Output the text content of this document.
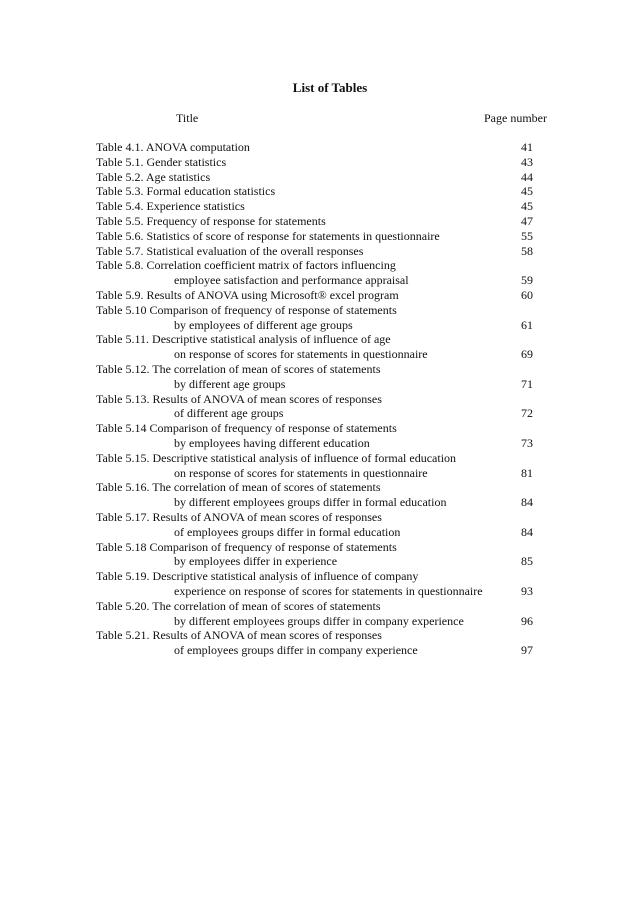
List of Tables
Title	Page number
Table 4.1. ANOVA computation	41
Table 5.1. Gender statistics	43
Table 5.2. Age statistics	44
Table 5.3. Formal education statistics	45
Table 5.4. Experience statistics	45
Table 5.5. Frequency of response for statements	47
Table 5.6. Statistics of score of response for statements in questionnaire	55
Table 5.7. Statistical evaluation of the overall responses	58
Table 5.8. Correlation coefficient matrix of factors influencing
employee satisfaction and performance appraisal	59
Table 5.9. Results of ANOVA using Microsoft® excel program	60
Table 5.10 Comparison of frequency of response of statements
by employees of different age groups	61
Table 5.11. Descriptive statistical analysis of influence of age
on response of scores for statements in questionnaire	69
Table 5.12. The correlation of mean of scores of statements
by different age groups	71
Table 5.13. Results of ANOVA of mean scores of responses
of different age groups	72
Table 5.14 Comparison of frequency of response of statements
by employees having different education	73
Table 5.15. Descriptive statistical analysis of influence of formal education
on response of scores for statements in questionnaire	81
Table 5.16. The correlation of mean of scores of statements
by different employees groups differ in formal education	84
Table 5.17. Results of ANOVA of mean scores of responses
of employees groups differ in formal education	84
Table 5.18 Comparison of frequency of response of statements
by employees differ in experience	85
Table 5.19. Descriptive statistical analysis of influence of company
experience on response of scores for statements in questionnaire	93
Table 5.20. The correlation of mean of scores of statements
by different employees groups differ in company experience	96
Table 5.21. Results of ANOVA of mean scores of responses
of employees groups differ in company experience	97
